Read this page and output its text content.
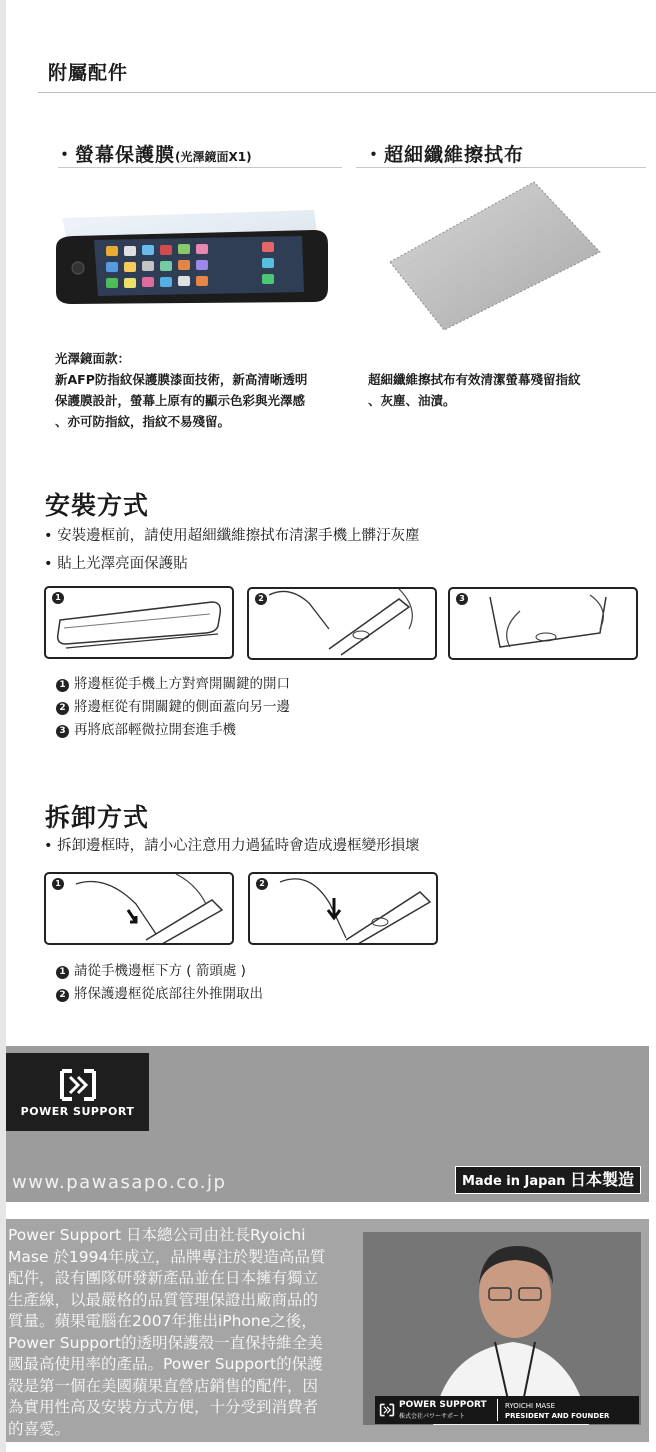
附屬配件
・螢幕保護膜(光澤鏡面X1)	・超細纖維擦拭布
光澤鏡面款：
新AFP防指紋保護膜漆面技術，新高清晰透明
保護膜設計，螢幕上原有的顯示色彩與光澤感
、亦可防指紋，指紋不易殘留。
超細纖維擦拭布有效清潔螢幕殘留指紋
、灰塵、油漬。
安裝方式
• 安裝邊框前，請使用超細纖維擦拭布清潔手機上髒汙灰塵
• 貼上光澤亮面保護貼
1	2	3
1 將邊框從手機上方對齊開關鍵的開口
2 將邊框從有開關鍵的側面蓋向另一邊
3 再將底部輕微拉開套進手機
拆卸方式
• 拆卸邊框時，請小心注意用力過猛時會造成邊框變形損壞
1	2
1 請從手機邊框下方 ( 箭頭處 )
2 將保護邊框從底部往外推開取出
POWER SUPPORT
www.pawasapo.co.jp	Made in Japan 日本製造
Power Support 日本總公司由社長Ryoichi
Mase 於1994年成立，品牌專注於製造高品質
配件，設有團隊研發新產品並在日本擁有獨立
生產線，以最嚴格的品質管理保證出廠商品的
質量。蘋果電腦在2007年推出iPhone之後，
Power Support的透明保護殼一直保持維全美
國最高使用率的產品。Power Support的保護
殼是第一個在美國蘋果直營店銷售的配件，因
為實用性高及安裝方式方便，十分受到消費者
的喜愛。
POWER SUPPORT
株式会社パワーサポート
RYOICHI MASE
PRESIDENT AND FOUNDER
